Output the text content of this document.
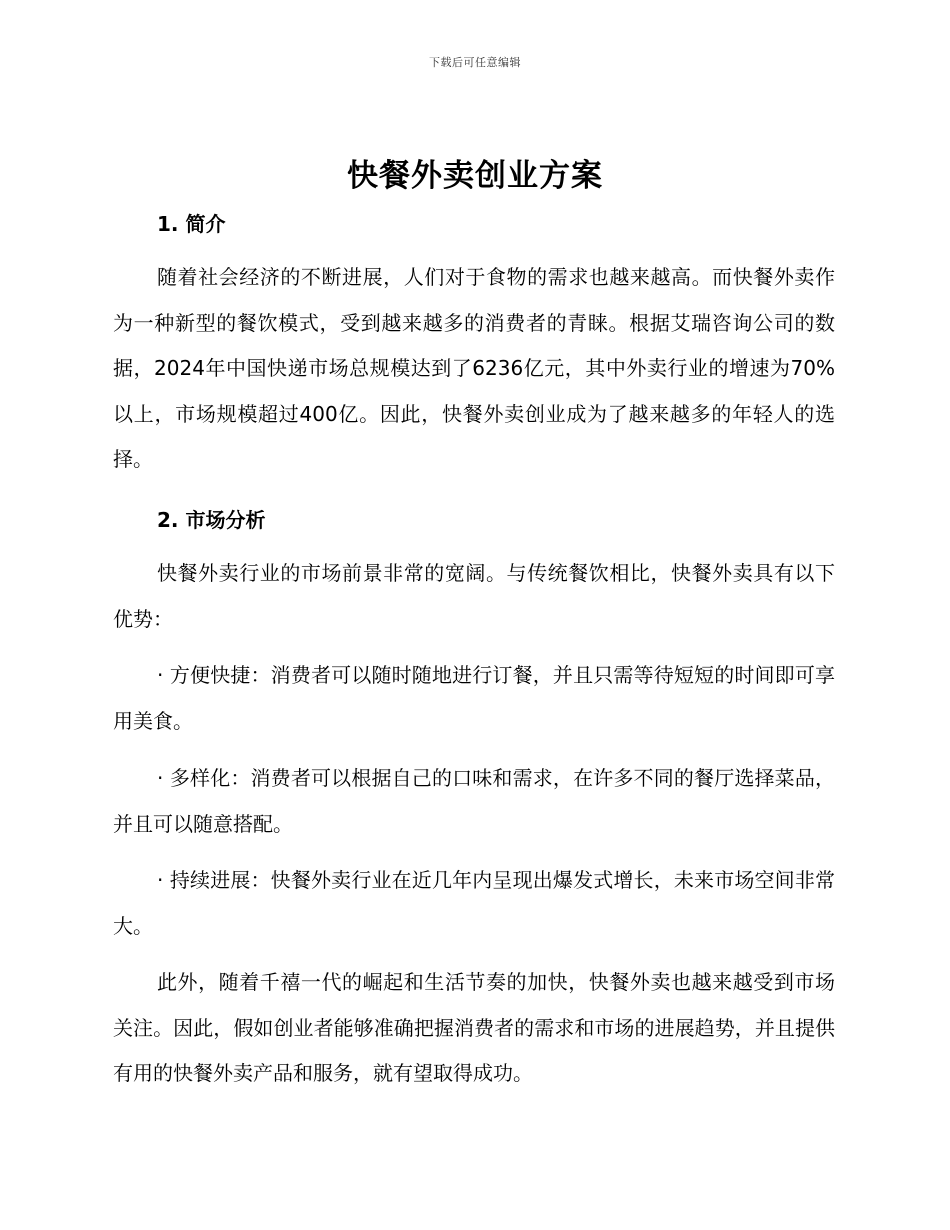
下载后可任意编辑
快餐外卖创业方案
1. 简介

随着社会经济的不断进展，人们对于食物的需求也越来越高。而快餐外卖作为一种新型的餐饮模式，受到越来越多的消费者的青睐。根据艾瑞咨询公司的数据，2024年中国快递市场总规模达到了6236亿元，其中外卖行业的增速为70%以上，市场规模超过400亿。因此，快餐外卖创业成为了越来越多的年轻人的选择。

2. 市场分析

快餐外卖行业的市场前景非常的宽阔。与传统餐饮相比，快餐外卖具有以下优势：

· 方便快捷：消费者可以随时随地进行订餐，并且只需等待短短的时间即可享用美食。

· 多样化：消费者可以根据自己的口味和需求，在许多不同的餐厅选择菜品，并且可以随意搭配。

· 持续进展：快餐外卖行业在近几年内呈现出爆发式增长，未来市场空间非常大。

此外，随着千禧一代的崛起和生活节奏的加快，快餐外卖也越来越受到市场关注。因此，假如创业者能够准确把握消费者的需求和市场的进展趋势，并且提供有用的快餐外卖产品和服务，就有望取得成功。
